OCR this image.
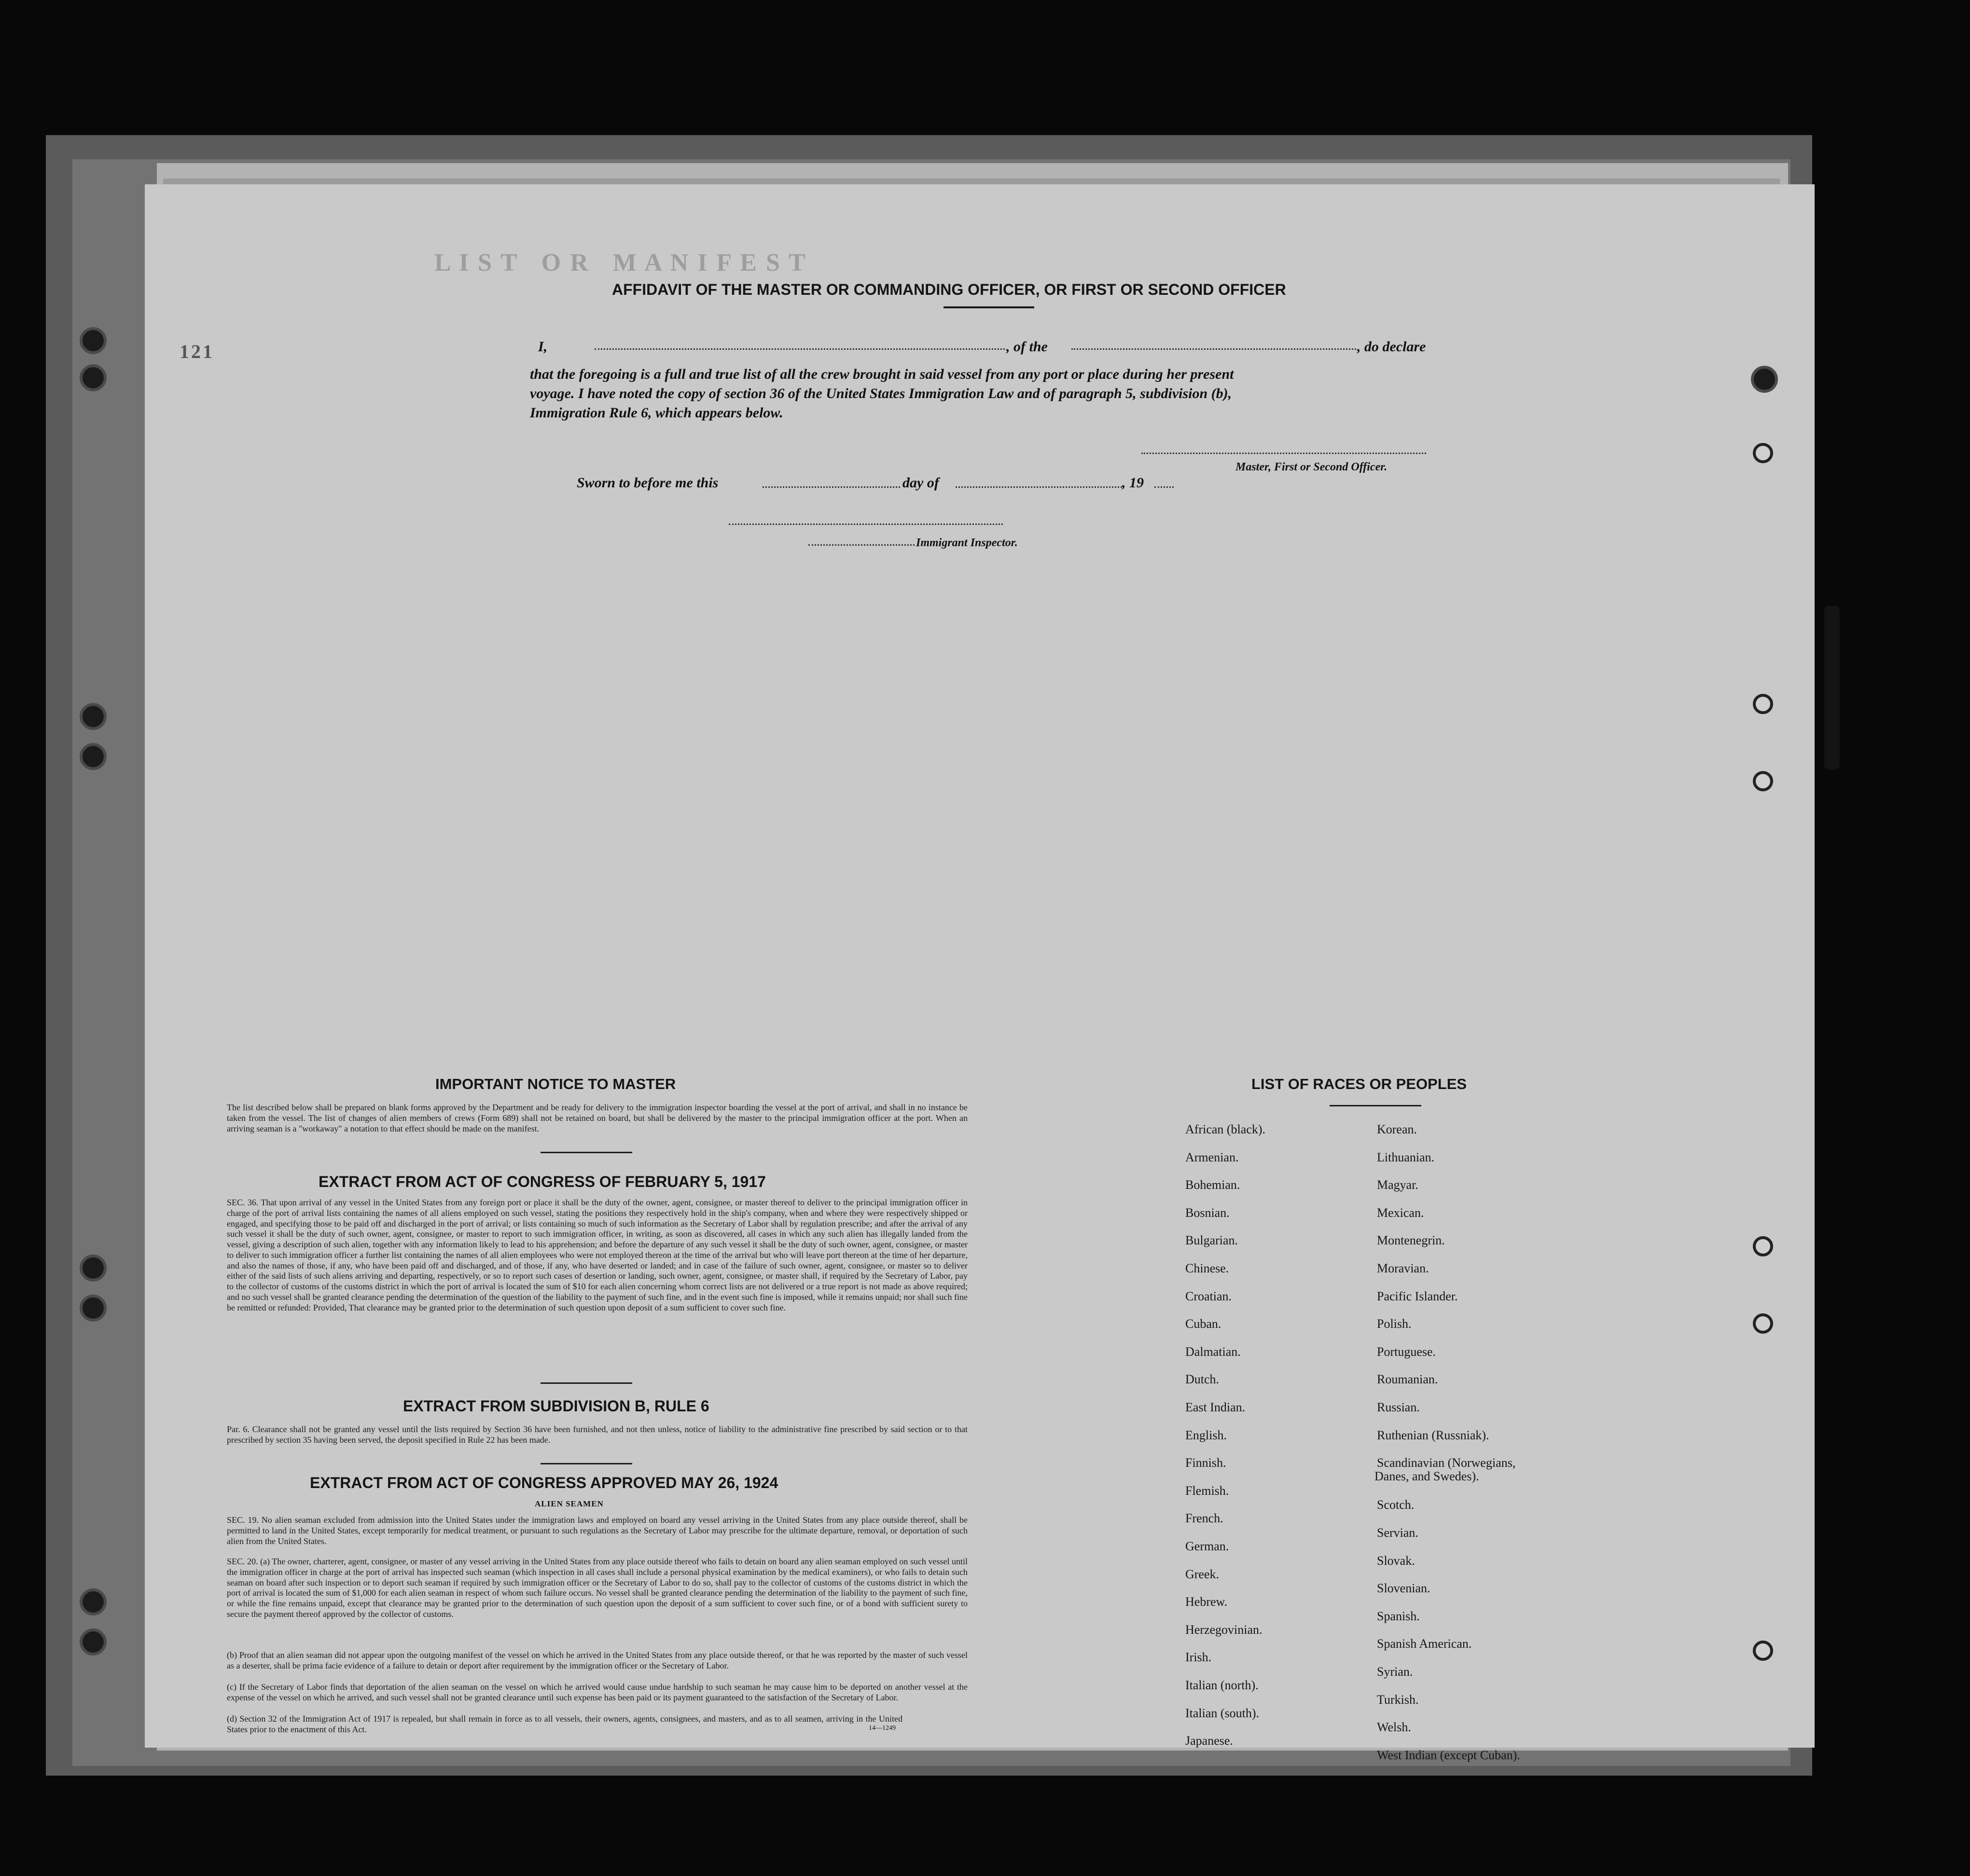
121
L I S T   O R   M A N I F E S T

AFFIDAVIT OF THE MASTER OR COMMANDING OFFICER, OR FIRST OR SECOND OFFICER
I,	, of the	, do declare
that the foregoing is a full and true list of all the crew brought in said vessel from any port or place during her present
voyage. I have noted the copy of section 36 of the United States Immigration Law and of paragraph 5, subdivision (b),
Immigration Rule 6, which appears below.
Master, First or Second Officer.
Sworn to before me this	day of	, 19
Immigrant Inspector.
IMPORTANT NOTICE TO MASTER
The list described below shall be prepared on blank forms approved by the Department and be ready for delivery to the immigration inspector boarding the vessel at the port of arrival, and shall in no instance be taken from the vessel. The list of changes of alien members of crews (Form 689) shall not be retained on board, but shall be delivered by the master to the principal immigration officer at the port. When an arriving seaman is a "workaway" a notation to that effect should be made on the manifest.
EXTRACT FROM ACT OF CONGRESS OF FEBRUARY 5, 1917
SEC. 36. That upon arrival of any vessel in the United States from any foreign port or place it shall be the duty of the owner, agent, consignee, or master thereof to deliver to the principal immigration officer in charge of the port of arrival lists containing the names of all aliens employed on such vessel, stating the positions they respectively hold in the ship's company, when and where they were respectively shipped or engaged, and specifying those to be paid off and discharged in the port of arrival; or lists containing so much of such information as the Secretary of Labor shall by regulation prescribe; and after the arrival of any such vessel it shall be the duty of such owner, agent, consignee, or master to report to such immigration officer, in writing, as soon as discovered, all cases in which any such alien has illegally landed from the vessel, giving a description of such alien, together with any information likely to lead to his apprehension; and before the departure of any such vessel it shall be the duty of such owner, agent, consignee, or master to deliver to such immigration officer a further list containing the names of all alien employees who were not employed thereon at the time of the arrival but who will leave port thereon at the time of her departure, and also the names of those, if any, who have been paid off and discharged, and of those, if any, who have deserted or landed; and in case of the failure of such owner, agent, consignee, or master so to deliver either of the said lists of such aliens arriving and departing, respectively, or so to report such cases of desertion or landing, such owner, agent, consignee, or master shall, if required by the Secretary of Labor, pay to the collector of customs of the customs district in which the port of arrival is located the sum of $10 for each alien concerning whom correct lists are not delivered or a true report is not made as above required; and no such vessel shall be granted clearance pending the determination of the question of the liability to the payment of such fine, and in the event such fine is imposed, while it remains unpaid; nor shall such fine be remitted or refunded: Provided, That clearance may be granted prior to the determination of such question upon deposit of a sum sufficient to cover such fine.
EXTRACT FROM SUBDIVISION B, RULE 6
Par. 6. Clearance shall not be granted any vessel until the lists required by Section 36 have been furnished, and not then unless, notice of liability to the administrative fine prescribed by said section or to that prescribed by section 35 having been served, the deposit specified in Rule 22 has been made.
EXTRACT FROM ACT OF CONGRESS APPROVED MAY 26, 1924
ALIEN SEAMEN
SEC. 19. No alien seaman excluded from admission into the United States under the immigration laws and employed on board any vessel arriving in the United States from any place outside thereof, shall be permitted to land in the United States, except temporarily for medical treatment, or pursuant to such regulations as the Secretary of Labor may prescribe for the ultimate departure, removal, or deportation of such alien from the United States.
SEC. 20. (a) The owner, charterer, agent, consignee, or master of any vessel arriving in the United States from any place outside thereof who fails to detain on board any alien seaman employed on such vessel until the immigration officer in charge at the port of arrival has inspected such seaman (which inspection in all cases shall include a personal physical examination by the medical examiners), or who fails to detain such seaman on board after such inspection or to deport such seaman if required by such immigration officer or the Secretary of Labor to do so, shall pay to the collector of customs of the customs district in which the port of arrival is located the sum of $1,000 for each alien seaman in respect of whom such failure occurs. No vessel shall be granted clearance pending the determination of the liability to the payment of such fine, or while the fine remains unpaid, except that clearance may be granted prior to the determination of such question upon the deposit of a sum sufficient to cover such fine, or of a bond with sufficient surety to secure the payment thereof approved by the collector of customs.
(b) Proof that an alien seaman did not appear upon the outgoing manifest of the vessel on which he arrived in the United States from any place outside thereof, or that he was reported by the master of such vessel as a deserter, shall be prima facie evidence of a failure to detain or deport after requirement by the immigration officer or the Secretary of Labor.
(c) If the Secretary of Labor finds that deportation of the alien seaman on the vessel on which he arrived would cause undue hardship to such seaman he may cause him to be deported on another vessel at the expense of the vessel on which he arrived, and such vessel shall not be granted clearance until such expense has been paid or its payment guaranteed to the satisfaction of the Secretary of Labor.
(d) Section 32 of the Immigration Act of 1917 is repealed, but shall remain in force as to all vessels, their owners, agents, consignees, and masters, and as to all seamen, arriving in the United States prior to the enactment of this Act.	14—1249
LIST OF RACES OR PEOPLES
African (black).
Armenian.
Bohemian.
Bosnian.
Bulgarian.
Chinese.
Croatian.
Cuban.
Dalmatian.
Dutch.
East Indian.
English.
Finnish.
Flemish.
French.
German.
Greek.
Hebrew.
Herzegovinian.
Irish.
Italian (north).
Italian (south).
Japanese.
Korean.
Lithuanian.
Magyar.
Mexican.
Montenegrin.
Moravian.
Pacific Islander.
Polish.
Portuguese.
Roumanian.
Russian.
Ruthenian (Russniak).
Scandinavian (Norwegians,
Danes, and Swedes).
Scotch.
Servian.
Slovak.
Slovenian.
Spanish.
Spanish American.
Syrian.
Turkish.
Welsh.
West Indian (except Cuban).
